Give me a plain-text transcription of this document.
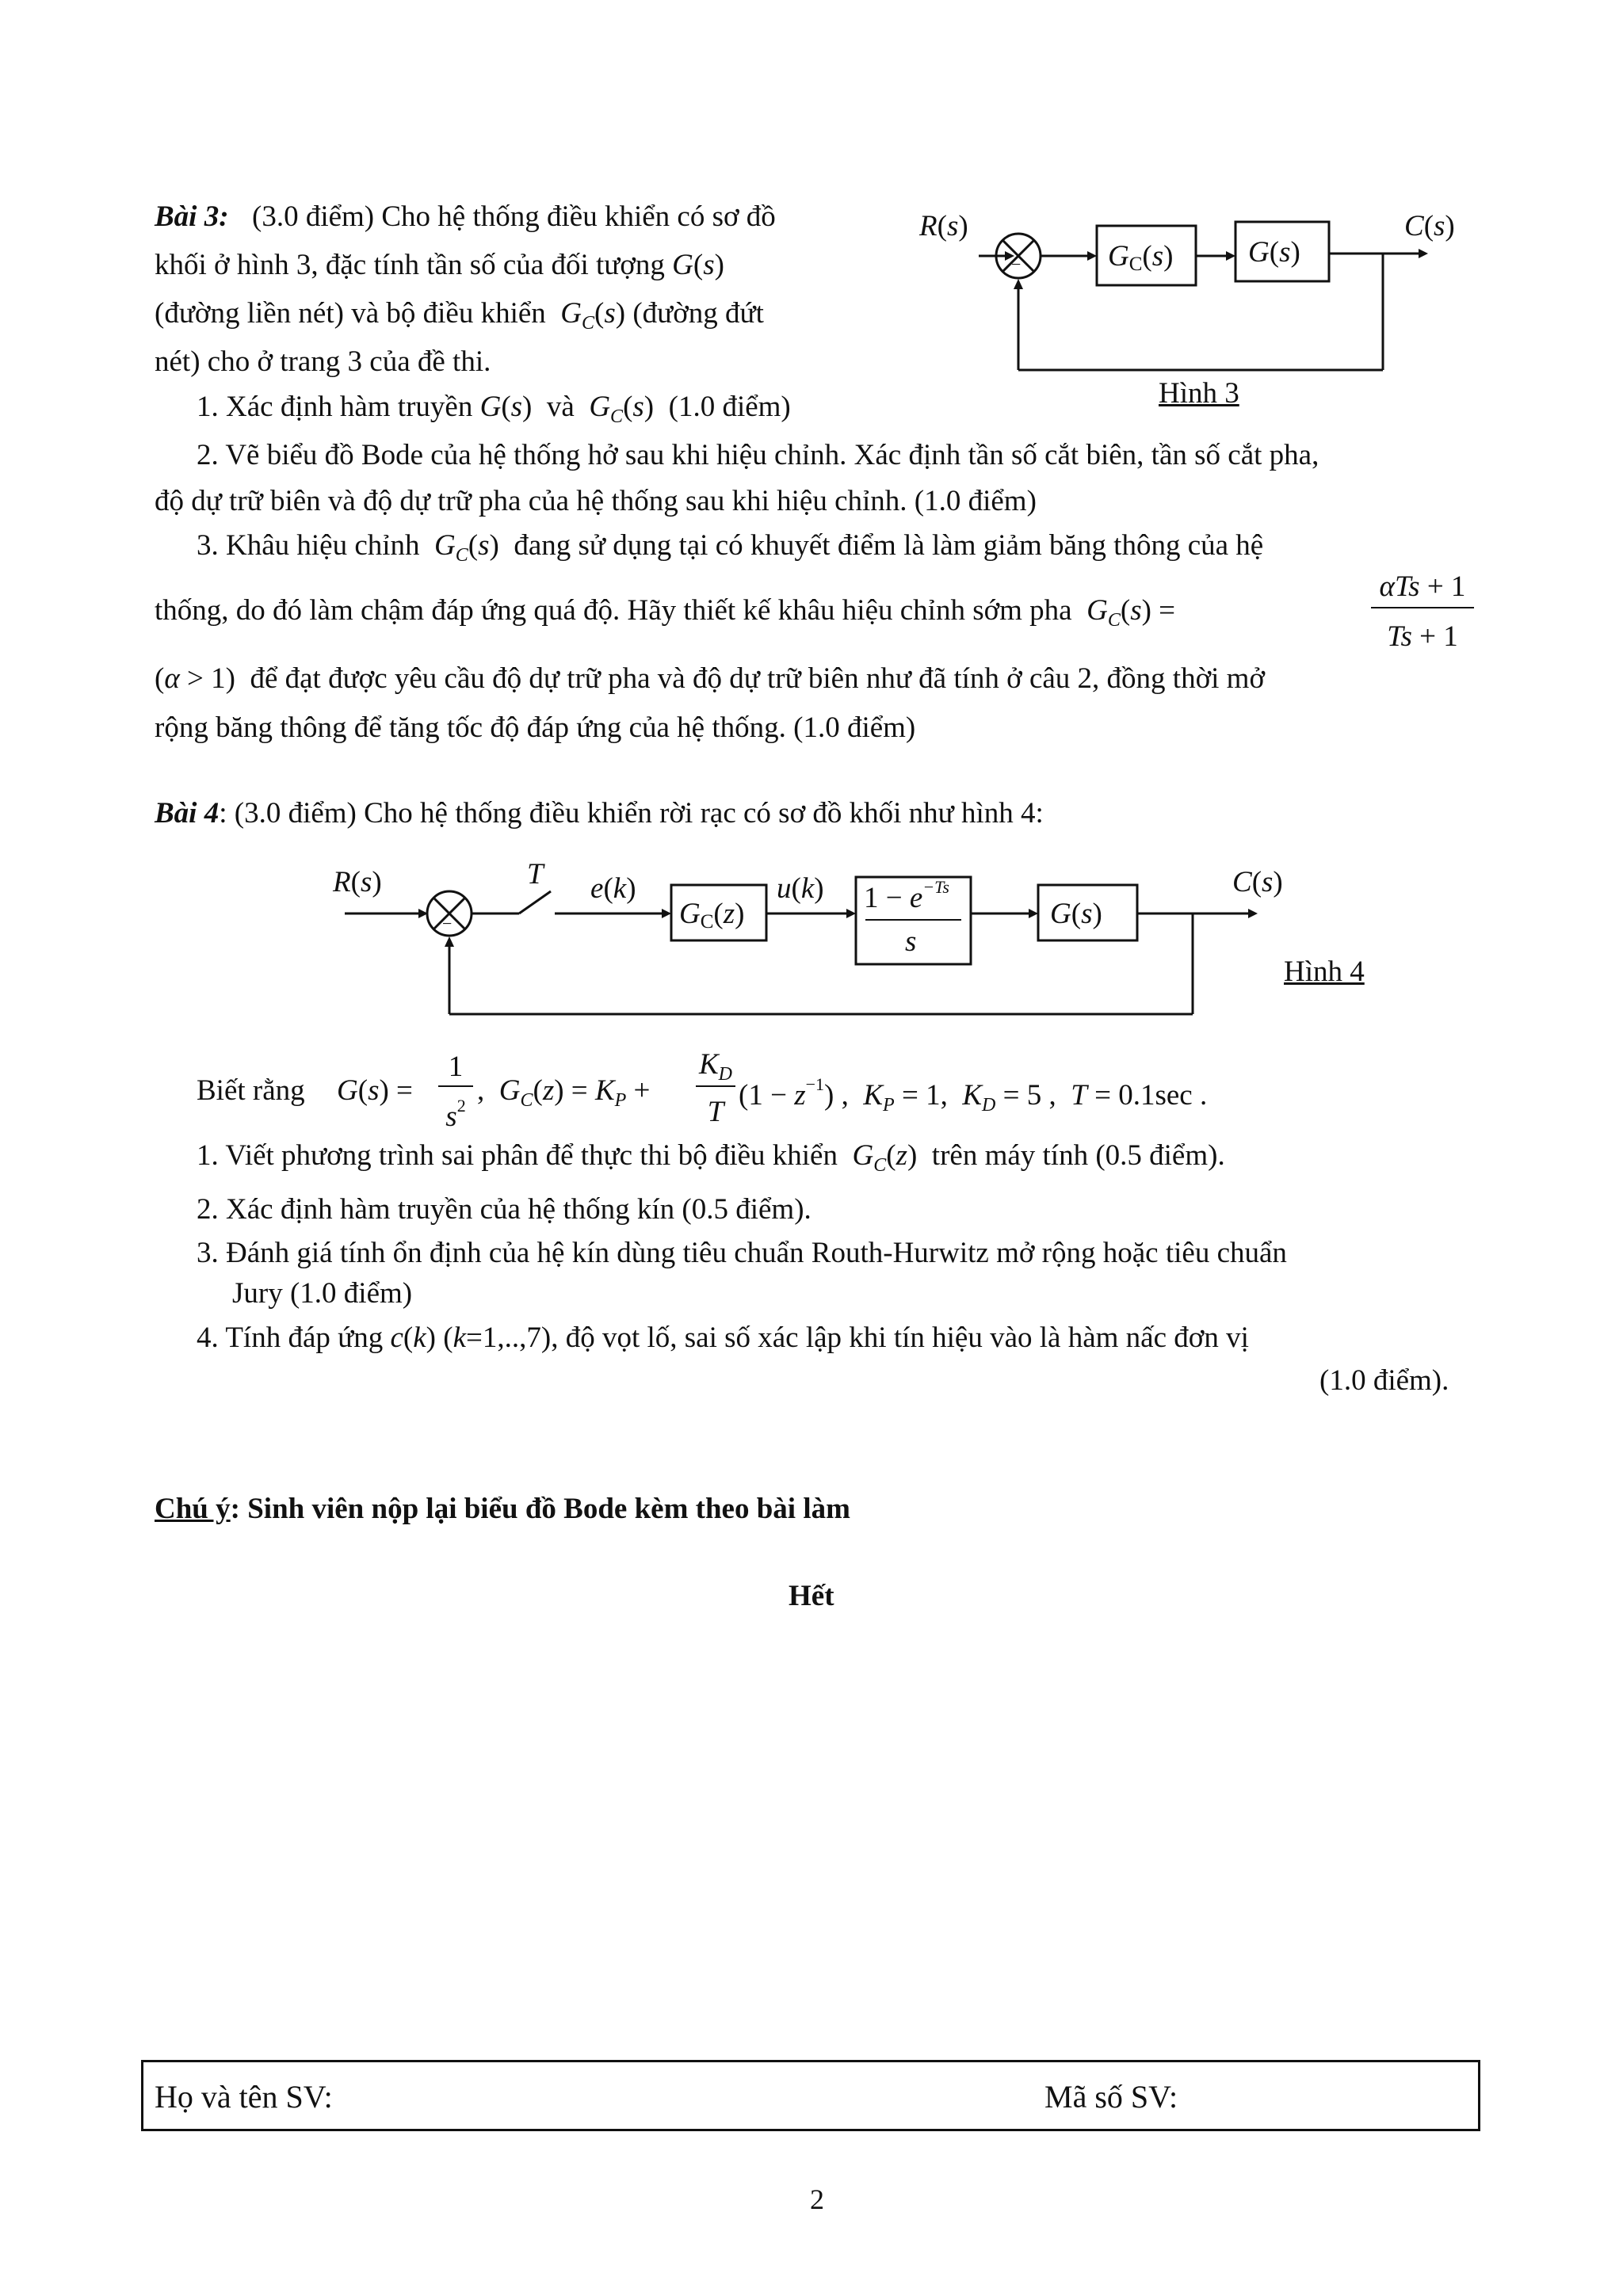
Bài 3: (3.0 điểm) Cho hệ thống điều khiển có sơ đồ
khối ở hình 3, đặc tính tần số của đối tượng G(s)
(đường liền nét) và bộ điều khiển $G_C(s)$ (đường đứt
nét) cho ở trang 3 của đề thi.
1. Xác định hàm truyền G(s)  và $G_C(s)$  (1.0 điểm)
R(s)
GC(s)	G(s)
C(s)
−
Hình 3
2. Vẽ biểu đồ Bode của hệ thống hở sau khi hiệu chỉnh. Xác định tần số cắt biên, tần số cắt pha,
độ dự trữ biên và độ dự trữ pha của hệ thống sau khi hiệu chỉnh. (1.0 điểm)
3. Khâu hiệu chỉnh $G_C(s)$  đang sử dụng tại có khuyết điểm là làm giảm băng thông của hệ
thống, do đó làm chậm đáp ứng quá độ. Hãy thiết kế khâu hiệu chỉnh sớm pha $G_C(s)$ =
αTs + 1
Ts + 1
(α > 1)  để đạt được yêu cầu độ dự trữ pha và độ dự trữ biên như đã tính ở câu 2, đồng thời mở
rộng băng thông để tăng tốc độ đáp ứng của hệ thống. (1.0 điểm)
Bài 4: (3.0 điểm) Cho hệ thống điều khiển rời rạc có sơ đồ khối như hình 4:
R(s)	T e(k)
GC(z)
u(k) $1 - e^{-Ts}$
s
G(s)
C(s)
−
Hình 4
Biết rằng G(s) =
1
$s^2$ ,  $G_C(z) = K_P$ +
$K_D$
T
$(1 - z^{-1})$ ,  $K_P = 1$,  $K_D = 5$ ,  T = 0.1sec .
1. Viết phương trình sai phân để thực thi bộ điều khiển $G_C(z)$  trên máy tính (0.5 điểm).
2. Xác định hàm truyền của hệ thống kín (0.5 điểm).
3. Đánh giá tính ổn định của hệ kín dùng tiêu chuẩn Routh-Hurwitz mở rộng hoặc tiêu chuẩn
Jury (1.0 điểm)
4. Tính đáp ứng c(k) (k=1,..,7), độ vọt lố, sai số xác lập khi tín hiệu vào là hàm nấc đơn vị
(1.0 điểm).
Chú ý: Sinh viên nộp lại biểu đồ Bode kèm theo bài làm
Hết
Họ và tên SV:	Mã số SV:
2
